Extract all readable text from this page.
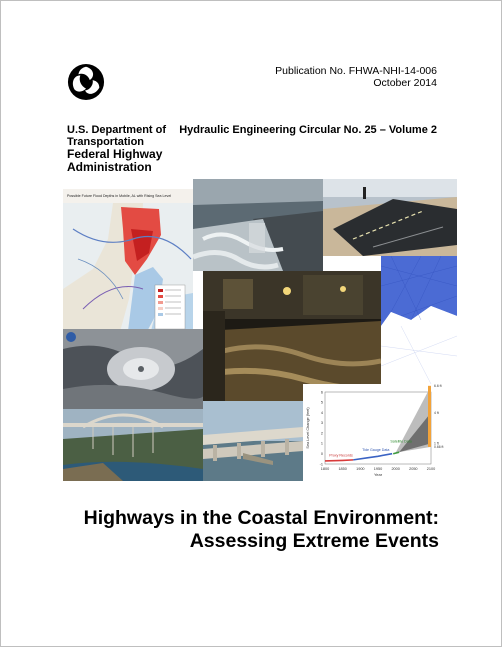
Publication No. FHWA-NHI-14-006
October 2014
U.S. Department of
Transportation
Federal Highway
Administration
Hydraulic Engineering Circular No. 25 – Volume 2
Possible Future Flood Depths in Mobile, AL with Rising Sea Level
1800 1850 1900 1950 2000 2050 2100
-1
0
1
2
3
4
5
6
Year
Sea Level Change (feet)
Proxy Records
Tide Gauge Data
Satellite Data
6.6 ft
4 ft
1 ft
0.66 ft
Highways in the Coastal Environment:
Assessing Extreme Events
